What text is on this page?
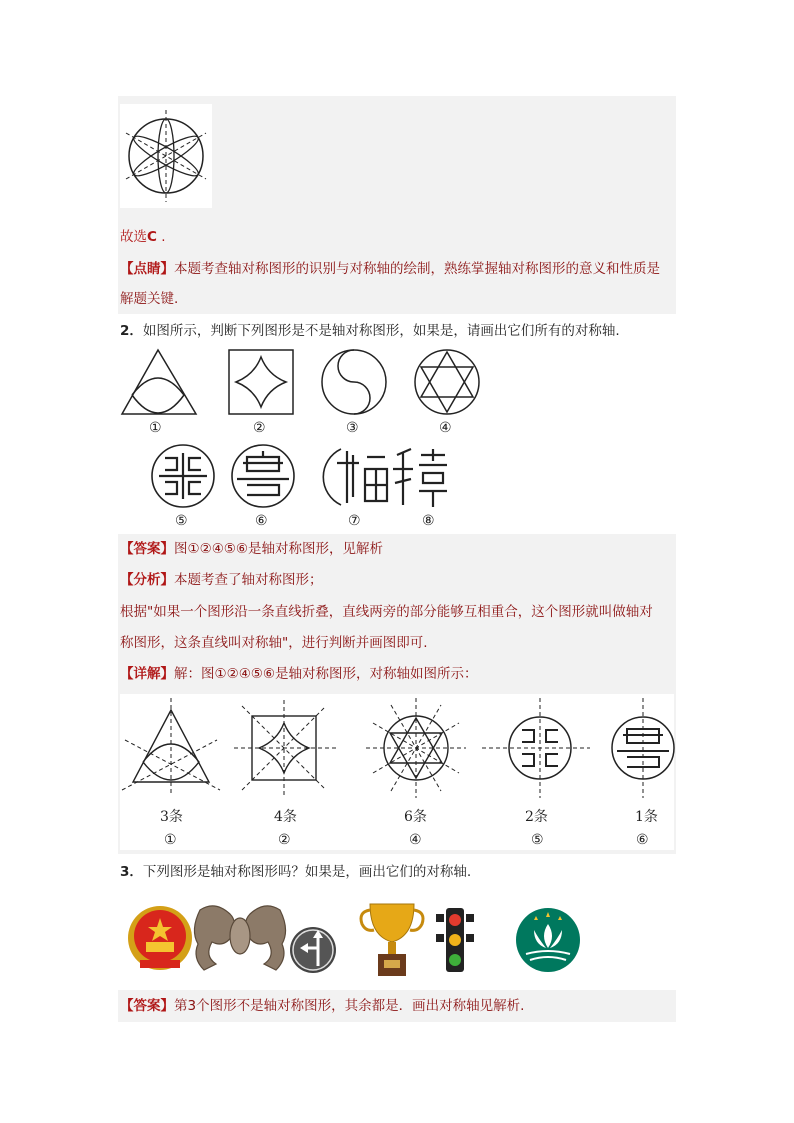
故选C .
【点睛】本题考查轴对称图形的识别与对称轴的绘制，熟练掌握轴对称图形的意义和性质是
解题关键.
2．如图所示，判断下列图形是不是轴对称图形，如果是，请画出它们所有的对称轴.
①	②	③	④
⑤	⑥	⑦	⑧
【答案】图①②④⑤⑥是轴对称图形，见解析
【分析】本题考查了轴对称图形；
根据"如果一个图形沿一条直线折叠，直线两旁的部分能够互相重合，这个图形就叫做轴对
称图形，这条直线叫对称轴"，进行判断并画图即可.
【详解】解：图①②④⑤⑥是轴对称图形，对称轴如图所示：
3条	4条	6条	2条	1条
①	②	④	⑤	⑥
3．下列图形是轴对称图形吗？如果是，画出它们的对称轴.
【答案】第3个图形不是轴对称图形，其余都是．画出对称轴见解析.
